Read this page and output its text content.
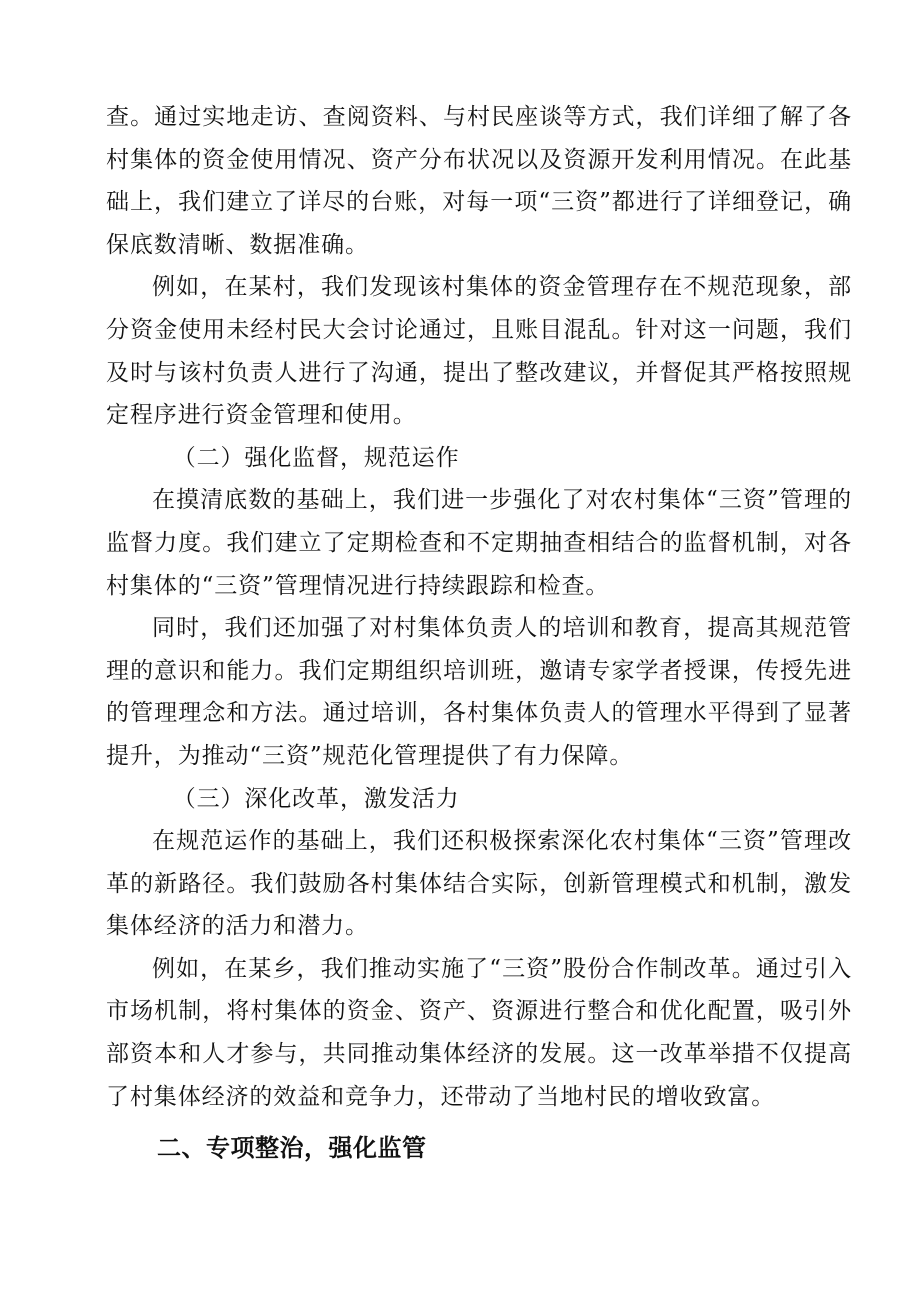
查。通过实地走访、查阅资料、与村民座谈等方式，我们详细了解了各村集体的资金使用情况、资产分布状况以及资源开发利用情况。在此基础上，我们建立了详尽的台账，对每一项“三资”都进行了详细登记，确保底数清晰、数据准确。

例如，在某村，我们发现该村集体的资金管理存在不规范现象，部分资金使用未经村民大会讨论通过，且账目混乱。针对这一问题，我们及时与该村负责人进行了沟通，提出了整改建议，并督促其严格按照规定程序进行资金管理和使用。

（二）强化监督，规范运作

在摸清底数的基础上，我们进一步强化了对农村集体“三资”管理的监督力度。我们建立了定期检查和不定期抽查相结合的监督机制，对各村集体的“三资”管理情况进行持续跟踪和检查。

同时，我们还加强了对村集体负责人的培训和教育，提高其规范管理的意识和能力。我们定期组织培训班，邀请专家学者授课，传授先进的管理理念和方法。通过培训，各村集体负责人的管理水平得到了显著提升，为推动“三资”规范化管理提供了有力保障。

（三）深化改革，激发活力

在规范运作的基础上，我们还积极探索深化农村集体“三资”管理改革的新路径。我们鼓励各村集体结合实际，创新管理模式和机制，激发集体经济的活力和潜力。

例如，在某乡，我们推动实施了“三资”股份合作制改革。通过引入市场机制，将村集体的资金、资产、资源进行整合和优化配置，吸引外部资本和人才参与，共同推动集体经济的发展。这一改革举措不仅提高了村集体经济的效益和竞争力，还带动了当地村民的增收致富。

二、专项整治，强化监管
